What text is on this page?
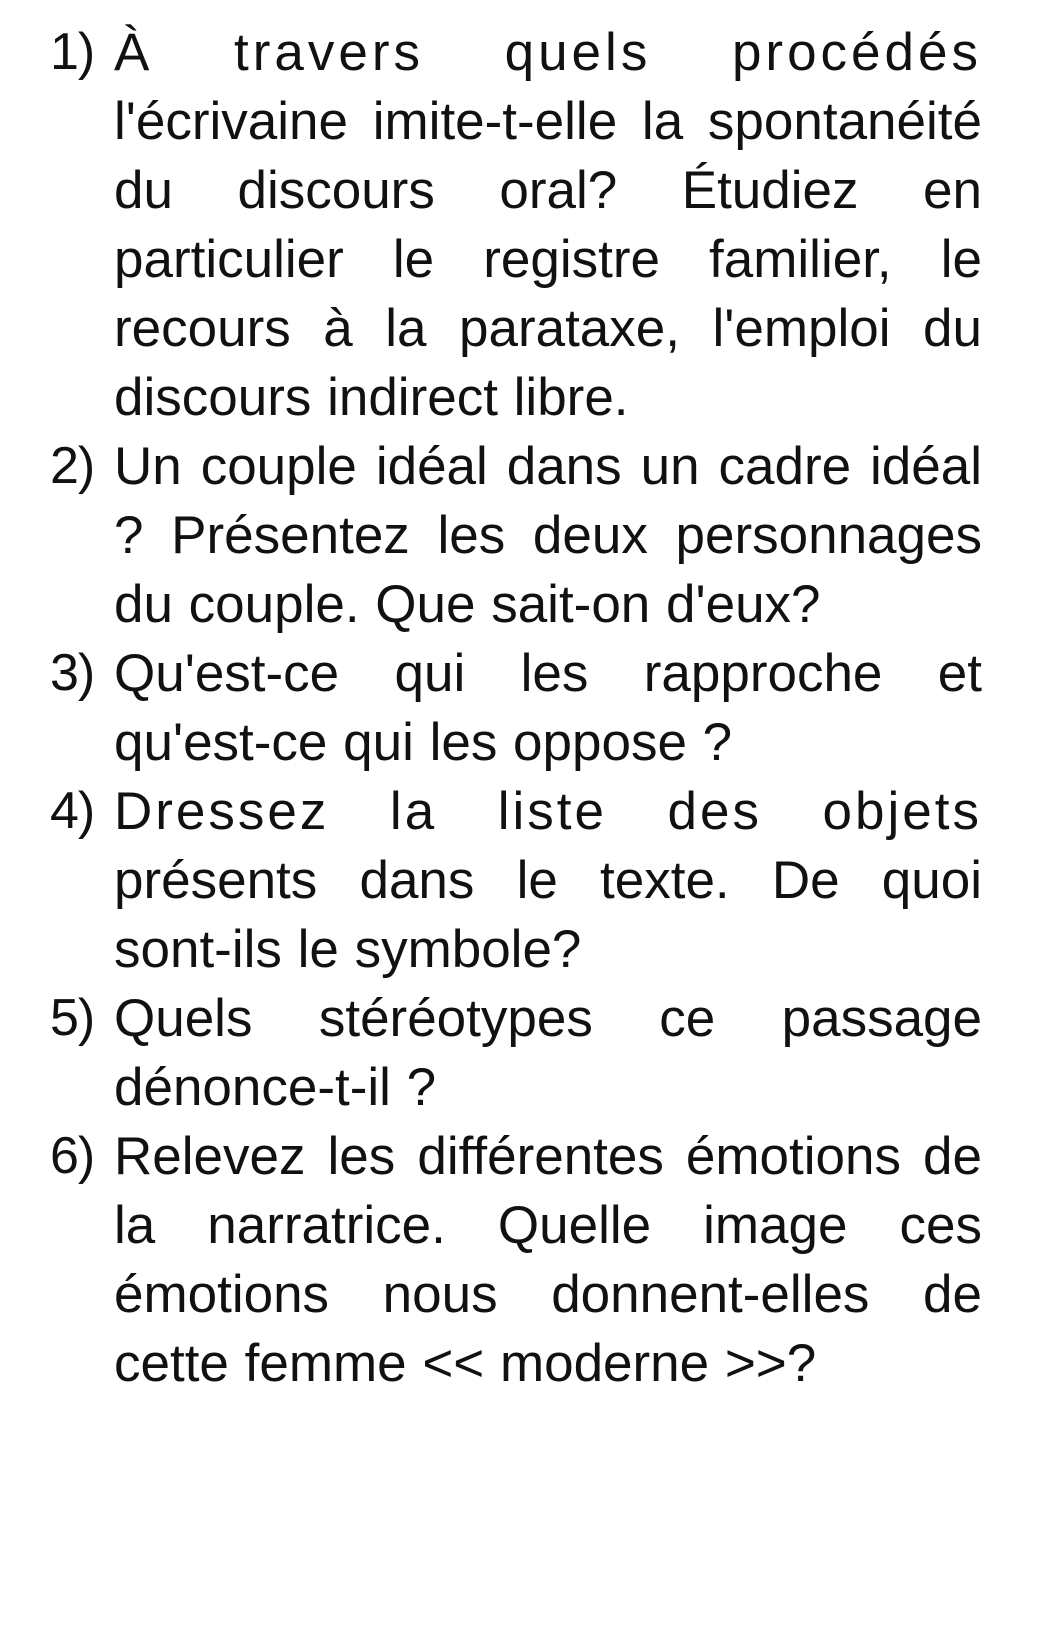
1) À travers quels procédés l'écrivaine imite-t-elle la spontanéité du discours oral? Étudiez en particulier le registre familier, le recours à la parataxe, l'emploi du discours indirect libre.
2) Un couple idéal dans un cadre idéal ? Présentez les deux personnages du couple. Que sait-on d'eux?
3) Qu'est-ce qui les rapproche et qu'est-ce qui les oppose ?
4) Dressez la liste des objets présents dans le texte. De quoi sont-ils le symbole?
5) Quels stéréotypes ce passage dénonce-t-il ?
6) Relevez les différentes émotions de la narratrice. Quelle image ces émotions nous donnent-elles de cette femme << moderne >>?
